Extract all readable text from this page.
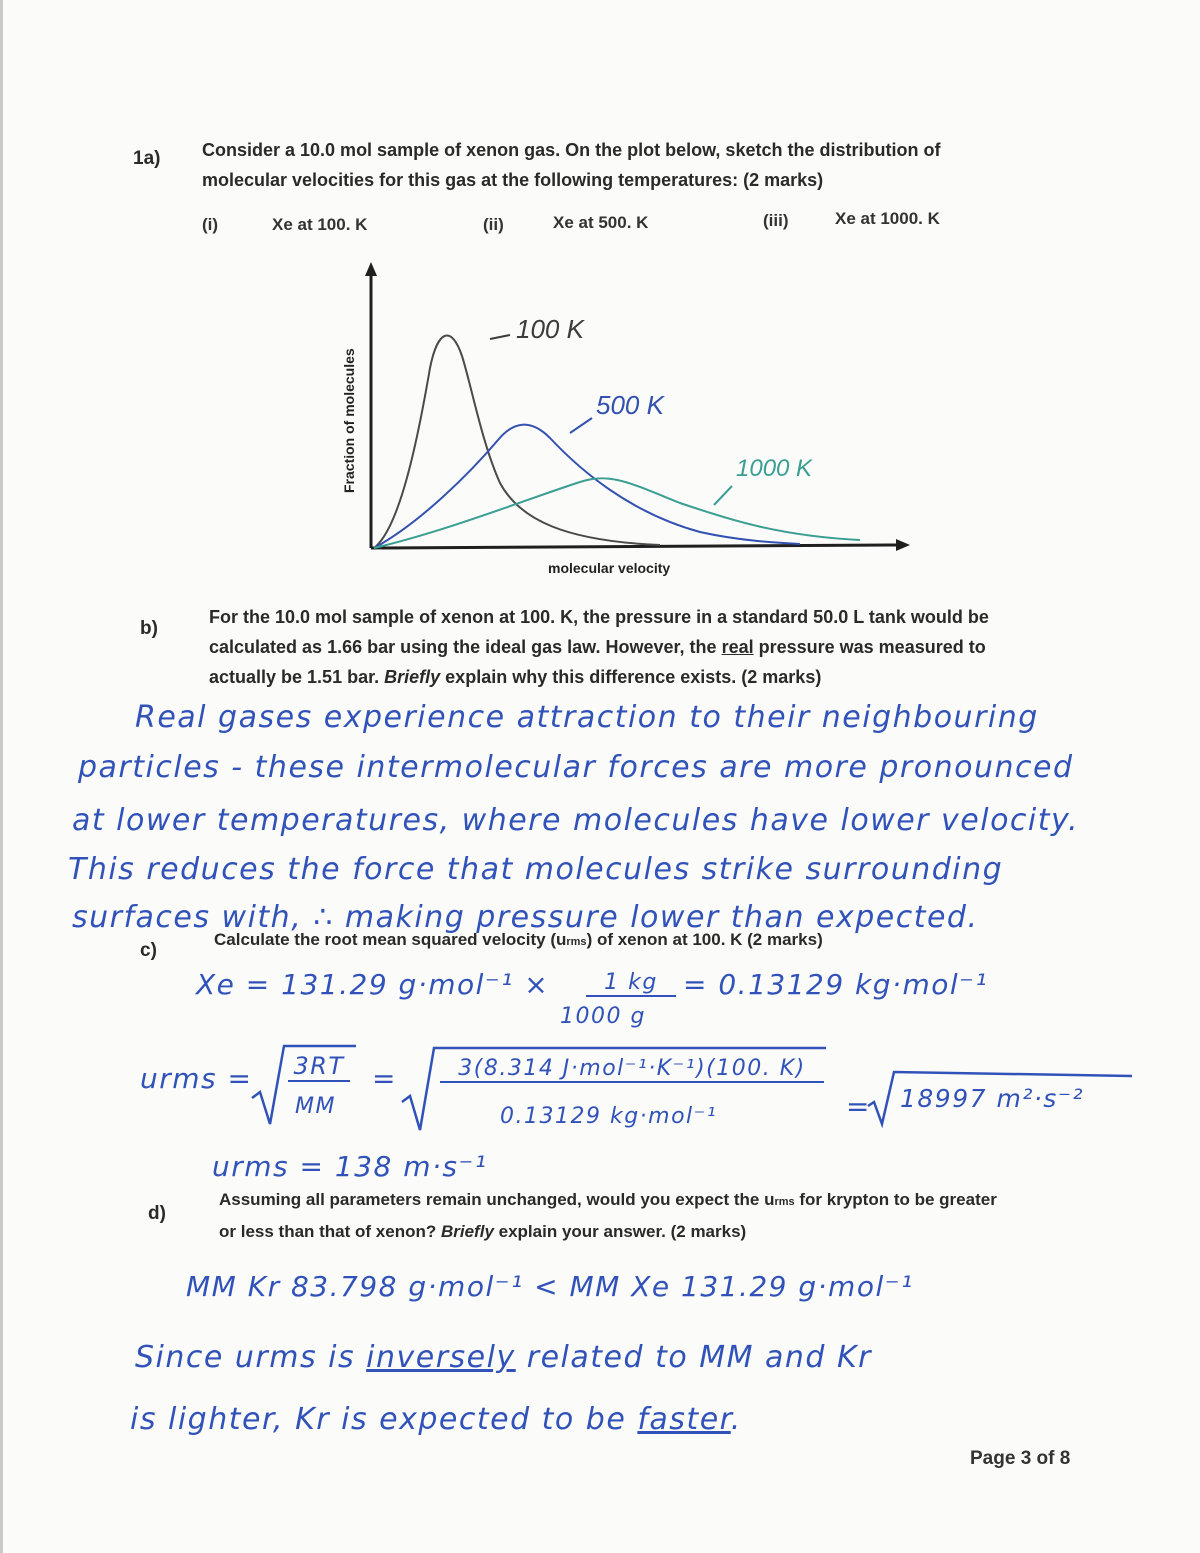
1a) Consider a 10.0 mol sample of xenon gas. On the plot below, sketch the distribution of
molecular velocities for this gas at the following temperatures: (2 marks)
(i)	Xe at 100. K	(ii)	Xe at 500. K	(iii)	Xe at 1000. K
Fraction of molecules
molecular velocity
100 K
500 K
1000 K
b)
For the 10.0 mol sample of xenon at 100. K, the pressure in a standard 50.0 L tank would be
calculated as 1.66 bar using the ideal gas law. However, the real pressure was measured to
actually be 1.51 bar. Briefly explain why this difference exists. (2 marks)
Real gases experience attraction to their neighbouring
particles - these intermolecular forces are more pronounced
at lower temperatures, where molecules have lower velocity.
This reduces the force that molecules strike surrounding
surfaces with, ∴ making pressure lower than expected.
c)
Calculate the root mean squared velocity (urms) of xenon at 100. K (2 marks)
Xe = 131.29 g·mol⁻¹ ×	1 kg
1000 g
= 0.13129 kg·mol⁻¹
urms = 3RT
MM
=	3(8.314 J·mol⁻¹·K⁻¹)(100. K)
0.13129 kg·mol⁻¹	= 18997 m²·s⁻²
urms = 138 m·s⁻¹
d)
Assuming all parameters remain unchanged, would you expect the urms for krypton to be greater
or less than that of xenon? Briefly explain your answer. (2 marks)
MM Kr 83.798 g·mol⁻¹ < MM Xe 131.29 g·mol⁻¹
Since urms is inversely related to MM and Kr
is lighter, Kr is expected to be faster.
Page 3 of 8
